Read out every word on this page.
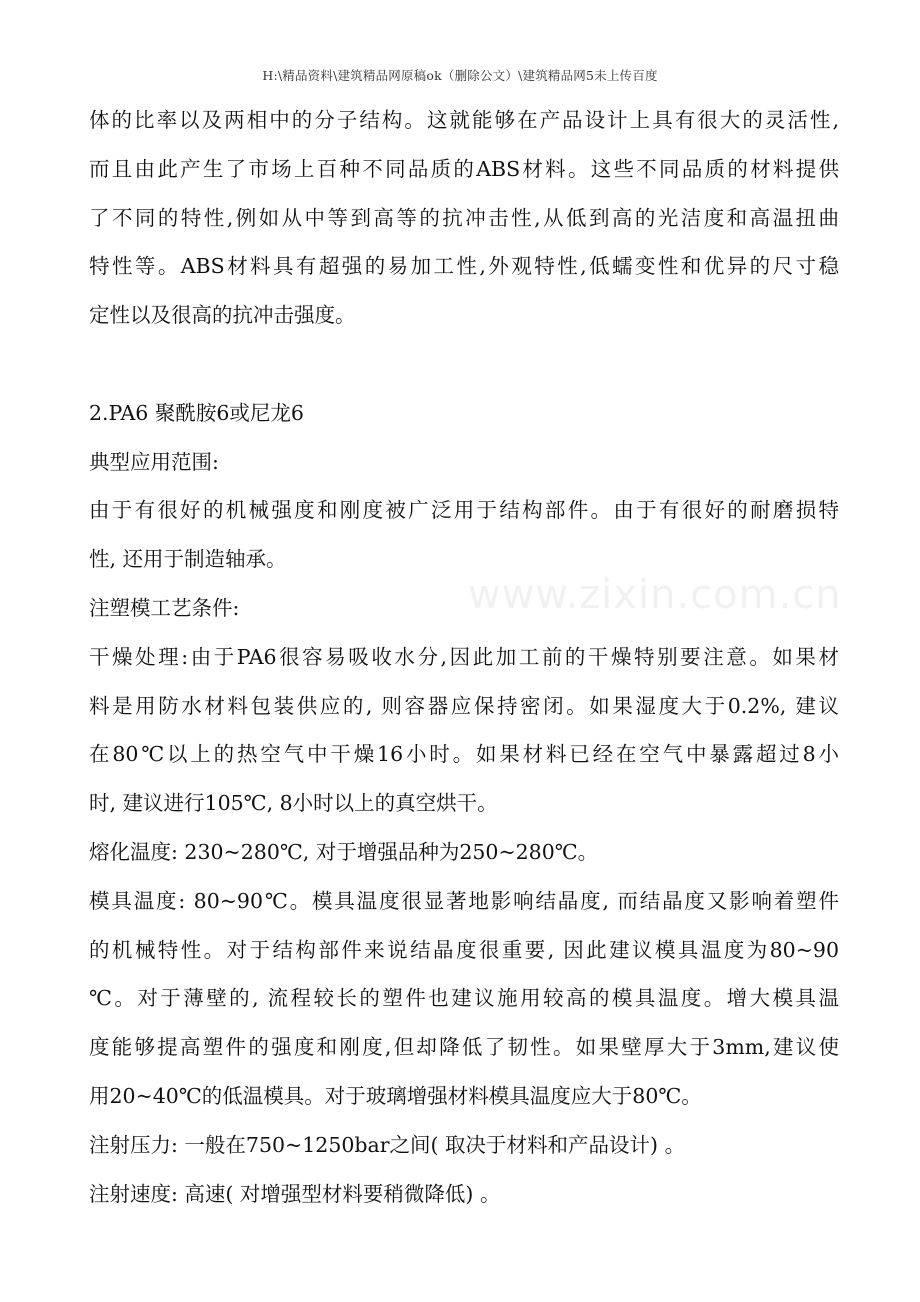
H:\精品资料\建筑精品网原稿ok（删除公文）\建筑精品网5未上传百度
www.zixin.com.cn

体的比率以及两相中的分子结构。这就能够在产品设计上具有很大的灵活性,

而且由此产生了市场上百种不同品质的ABS材料。这些不同品质的材料提供

了不同的特性,例如从中等到高等的抗冲击性,从低到高的光洁度和高温扭曲

特性等。ABS材料具有超强的易加工性,外观特性,低蠕变性和优异的尺寸稳

定性以及很高的抗冲击强度。

2.PA6 聚酰胺6或尼龙6

典型应用范围:

由于有很好的机械强度和刚度被广泛用于结构部件。由于有很好的耐磨损特

性, 还用于制造轴承。

注塑模工艺条件:

干燥处理:由于PA6很容易吸收水分,因此加工前的干燥特别要注意。如果材

料是用防水材料包装供应的, 则容器应保持密闭。如果湿度大于0.2%, 建议

在80℃以上的热空气中干燥16小时。如果材料已经在空气中暴露超过8小

时, 建议进行105℃, 8小时以上的真空烘干。

熔化温度: 230~280℃, 对于增强品种为250~280℃。

模具温度: 80~90℃。模具温度很显著地影响结晶度, 而结晶度又影响着塑件

的机械特性。对于结构部件来说结晶度很重要, 因此建议模具温度为80~90

℃。对于薄壁的, 流程较长的塑件也建议施用较高的模具温度。增大模具温

度能够提高塑件的强度和刚度,但却降低了韧性。如果壁厚大于3mm,建议使

用20~40℃的低温模具。对于玻璃增强材料模具温度应大于80℃。

注射压力: 一般在750~1250bar之间( 取决于材料和产品设计) 。

注射速度: 高速( 对增强型材料要稍微降低) 。
